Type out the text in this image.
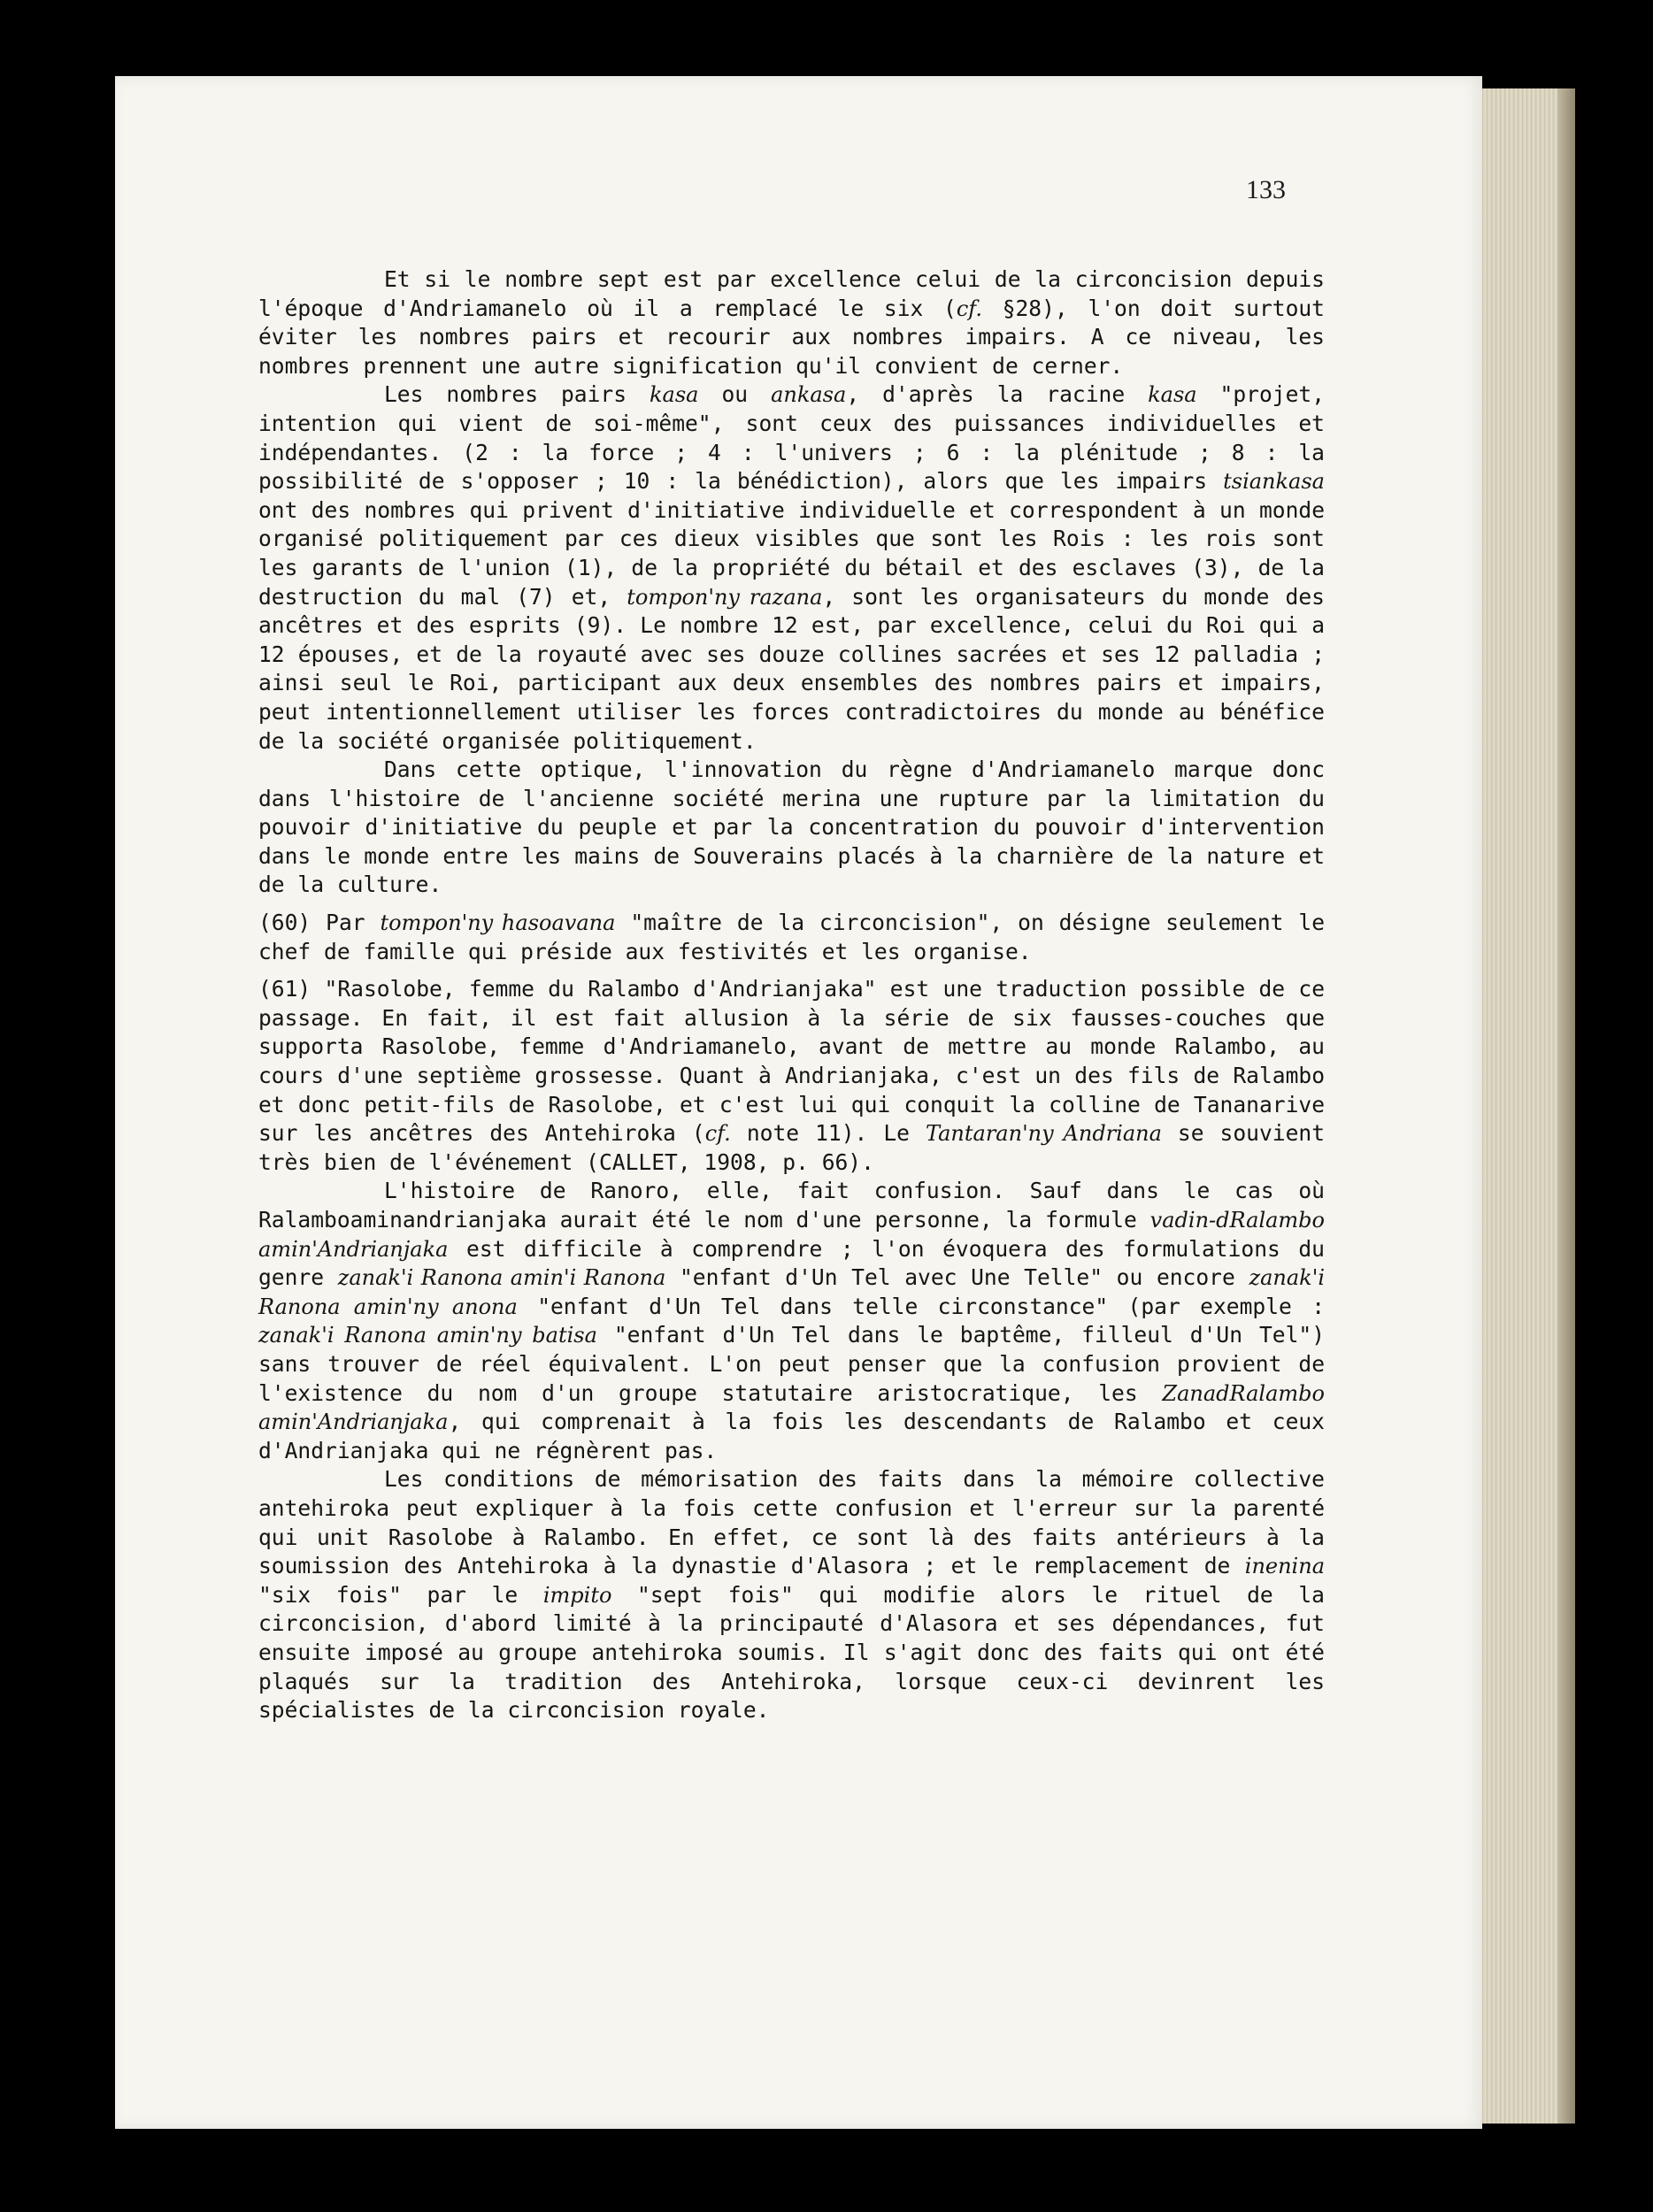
133

Et si le nombre sept est par excellence celui de la circoncision depuis l'époque d'Andriamanelo où il a remplacé le six (cf. §28), l'on doit surtout éviter les nombres pairs et recourir aux nombres impairs. A ce niveau, les nombres prennent une autre signification qu'il convient de cerner.

Les nombres pairs kasa ou ankasa, d'après la racine kasa "projet, intention qui vient de soi-même", sont ceux des puissances individuelles et indépendantes. (2 : la force ; 4 : l'univers ; 6 : la plénitude ; 8 : la possibilité de s'opposer ; 10 : la bénédiction), alors que les impairs tsiankasa ont des nombres qui privent d'initiative individuelle et correspondent à un monde organisé politiquement par ces dieux visibles que sont les Rois : les rois sont les garants de l'union (1), de la propriété du bétail et des esclaves (3), de la destruction du mal (7) et, tompon'ny razana, sont les organisateurs du monde des ancêtres et des esprits (9). Le nombre 12 est, par excellence, celui du Roi qui a 12 épouses, et de la royauté avec ses douze collines sacrées et ses 12 palladia ; ainsi seul le Roi, participant aux deux ensembles des nombres pairs et impairs, peut intentionnellement utiliser les forces contradictoires du monde au bénéfice de la société organisée politiquement.

Dans cette optique, l'innovation du règne d'Andriamanelo marque donc dans l'histoire de l'ancienne société merina une rupture par la limitation du pouvoir d'initiative du peuple et par la concentration du pouvoir d'intervention dans le monde entre les mains de Souverains placés à la charnière de la nature et de la culture.

(60) Par tompon'ny hasoavana "maître de la circoncision", on désigne seulement le chef de famille qui préside aux festivités et les organise.

(61) "Rasolobe, femme du Ralambo d'Andrianjaka" est une traduction possible de ce passage. En fait, il est fait allusion à la série de six fausses-couches que supporta Rasolobe, femme d'Andriamanelo, avant de mettre au monde Ralambo, au cours d'une septième grossesse. Quant à Andrianjaka, c'est un des fils de Ralambo et donc petit-fils de Rasolobe, et c'est lui qui conquit la colline de Tananarive sur les ancêtres des Antehiroka (cf. note 11). Le Tantaran'ny Andriana se souvient très bien de l'événement (CALLET, 1908, p. 66).

L'histoire de Ranoro, elle, fait confusion. Sauf dans le cas où Ralamboaminandrianjaka aurait été le nom d'une personne, la formule vadin-dRalambo amin'Andrianjaka est difficile à comprendre ; l'on évoquera des formulations du genre zanak'i Ranona amin'i Ranona "enfant d'Un Tel avec Une Telle" ou encore zanak'i Ranona amin'ny anona "enfant d'Un Tel dans telle circonstance" (par exemple : zanak'i Ranona amin'ny batisa "enfant d'Un Tel dans le baptême, filleul d'Un Tel") sans trouver de réel équivalent. L'on peut penser que la confusion provient de l'existence du nom d'un groupe statutaire aristocratique, les ZanadRalambo amin'Andrianjaka, qui comprenait à la fois les descendants de Ralambo et ceux d'Andrianjaka qui ne régnèrent pas.

Les conditions de mémorisation des faits dans la mémoire collective antehiroka peut expliquer à la fois cette confusion et l'erreur sur la parenté qui unit Rasolobe à Ralambo. En effet, ce sont là des faits antérieurs à la soumission des Antehiroka à la dynastie d'Alasora ; et le remplacement de inenina "six fois" par le impito "sept fois" qui modifie alors le rituel de la circoncision, d'abord limité à la principauté d'Alasora et ses dépendances, fut ensuite imposé au groupe antehiroka soumis. Il s'agit donc des faits qui ont été plaqués sur la tradition des Antehiroka, lorsque ceux-ci devinrent les spécialistes de la circoncision royale.
